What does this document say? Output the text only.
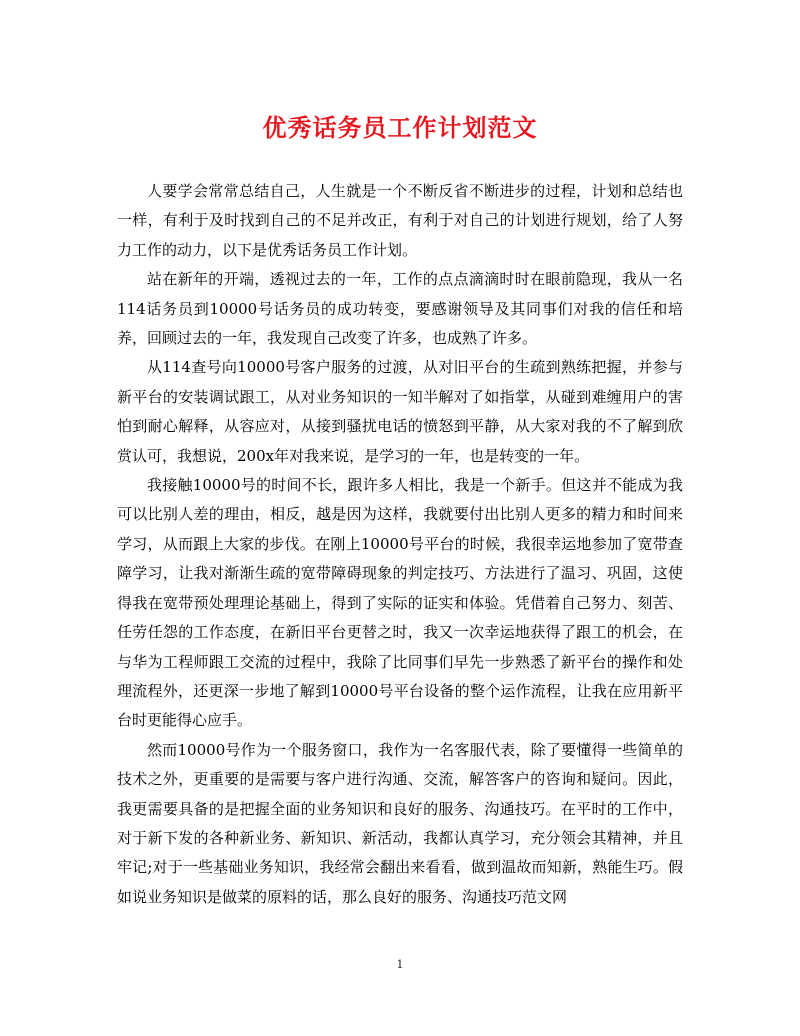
优秀话务员工作计划范文

人要学会常常总结自己，人生就是一个不断反省不断进步的过程，计划和总结也一样，有利于及时找到自己的不足并改正，有利于对自己的计划进行规划，给了人努力工作的动力，以下是优秀话务员工作计划。

站在新年的开端，透视过去的一年，工作的点点滴滴时时在眼前隐现，我从一名114话务员到10000号话务员的成功转变，要感谢领导及其同事们对我的信任和培养，回顾过去的一年，我发现自己改变了许多，也成熟了许多。

从114查号向10000号客户服务的过渡，从对旧平台的生疏到熟练把握，并参与新平台的安装调试跟工，从对业务知识的一知半解对了如指掌，从碰到难缠用户的害怕到耐心解释，从容应对，从接到骚扰电话的愤怒到平静，从大家对我的不了解到欣赏认可，我想说，200x年对我来说，是学习的一年，也是转变的一年。

我接触10000号的时间不长，跟许多人相比，我是一个新手。但这并不能成为我可以比别人差的理由，相反，越是因为这样，我就要付出比别人更多的精力和时间来学习，从而跟上大家的步伐。在刚上10000号平台的时候，我很幸运地参加了宽带查障学习，让我对渐渐生疏的宽带障碍现象的判定技巧、方法进行了温习、巩固，这使得我在宽带预处理理论基础上，得到了实际的证实和体验。凭借着自己努力、刻苦、任劳任怨的工作态度，在新旧平台更替之时，我又一次幸运地获得了跟工的机会，在与华为工程师跟工交流的过程中，我除了比同事们早先一步熟悉了新平台的操作和处理流程外，还更深一步地了解到10000号平台设备的整个运作流程，让我在应用新平台时更能得心应手。

然而10000号作为一个服务窗口，我作为一名客服代表，除了要懂得一些简单的技术之外，更重要的是需要与客户进行沟通、交流，解答客户的咨询和疑问。因此，我更需要具备的是把握全面的业务知识和良好的服务、沟通技巧。在平时的工作中，对于新下发的各种新业务、新知识、新活动，我都认真学习，充分领会其精神，并且牢记;对于一些基础业务知识，我经常会翻出来看看，做到温故而知新，熟能生巧。假如说业务知识是做菜的原料的话，那么良好的服务、沟通技巧范文网

1
